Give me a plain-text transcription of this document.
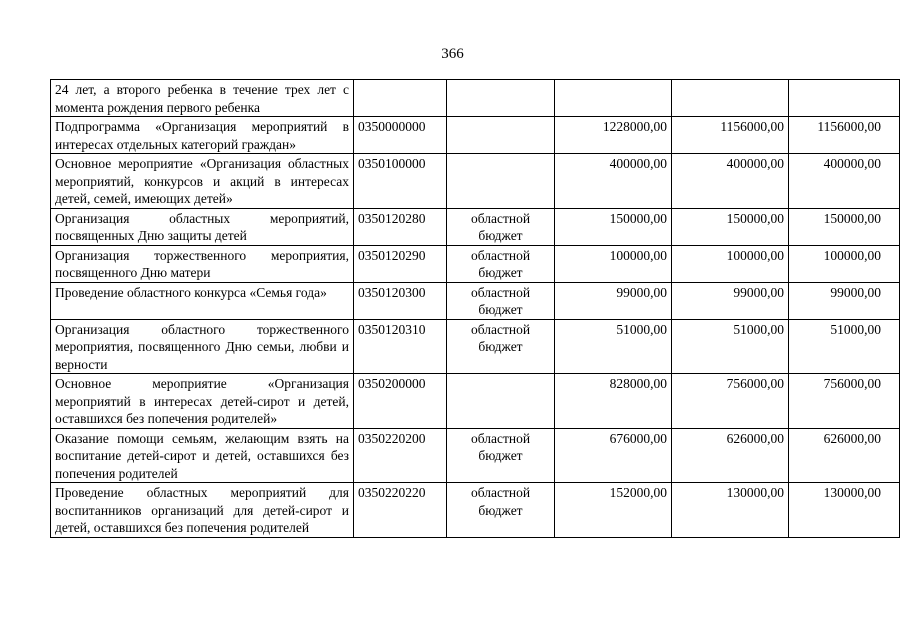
366
24 лет, а второго ребенка в течение трех лет с момента рождения первого ребенка					
Подпрограмма «Организация мероприятий в интересах отдельных категорий граждан»	0350000000		1228000,00	1156000,00	1156000,00
Основное мероприятие «Организация областных мероприятий, конкурсов и акций в интересах детей, семей, имеющих детей»	0350100000		400000,00	400000,00	400000,00
Организация областных мероприятий, посвященных Дню защиты детей	0350120280	областной бюджет	150000,00	150000,00	150000,00
Организация торжественного мероприятия, посвященного Дню матери	0350120290	областной бюджет	100000,00	100000,00	100000,00
Проведение областного конкурса «Семья года»	0350120300	областной бюджет	99000,00	99000,00	99000,00
Организация областного торжественного мероприятия, посвященного Дню семьи, любви и верности	0350120310	областной бюджет	51000,00	51000,00	51000,00
Основное мероприятие «Организация мероприятий в интересах детей-сирот и детей, оставшихся без попечения родителей»	0350200000		828000,00	756000,00	756000,00
Оказание помощи семьям, желающим взять на воспитание детей-сирот и детей, оставшихся без попечения родителей	0350220200	областной бюджет	676000,00	626000,00	626000,00
Проведение областных мероприятий для воспитанников организаций для детей-сирот и детей, оставшихся без попечения родителей	0350220220	областной бюджет	152000,00	130000,00	130000,00
